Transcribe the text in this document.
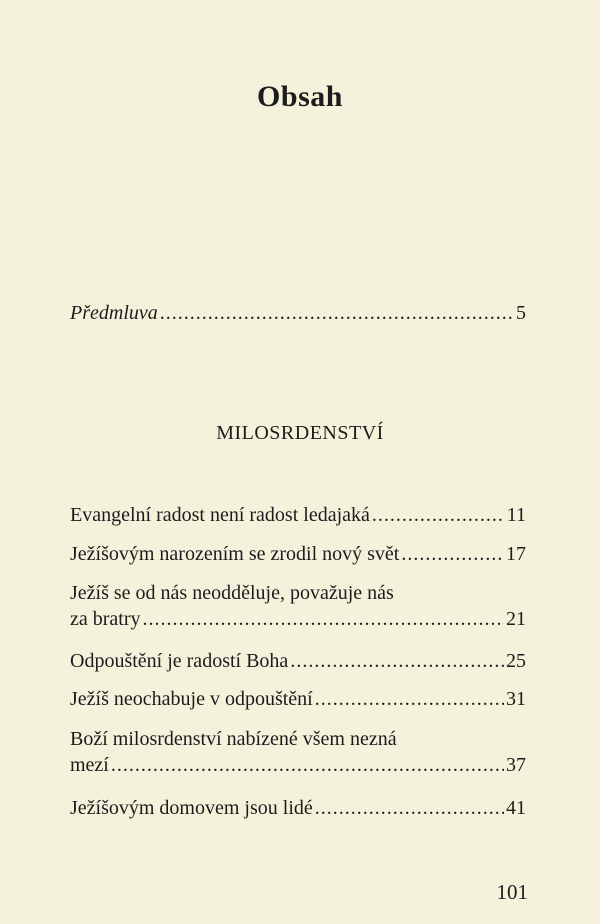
Obsah
Předmluva .....	5
MILOSRDENSTVÍ
Evangelní radost není radost ledajaká .....	11
Ježíšovým narozením se zrodil nový svět .....	17
Ježíš se od nás neodděluje, považuje nás
za bratry .....	21
Odpouštění je radostí Boha .....	25
Ježíš neochabuje v odpouštění .....	31
Boží milosrdenství nabízené všem nezná
mezí .....	37
Ježíšovým domovem jsou lidé .....	41
101
